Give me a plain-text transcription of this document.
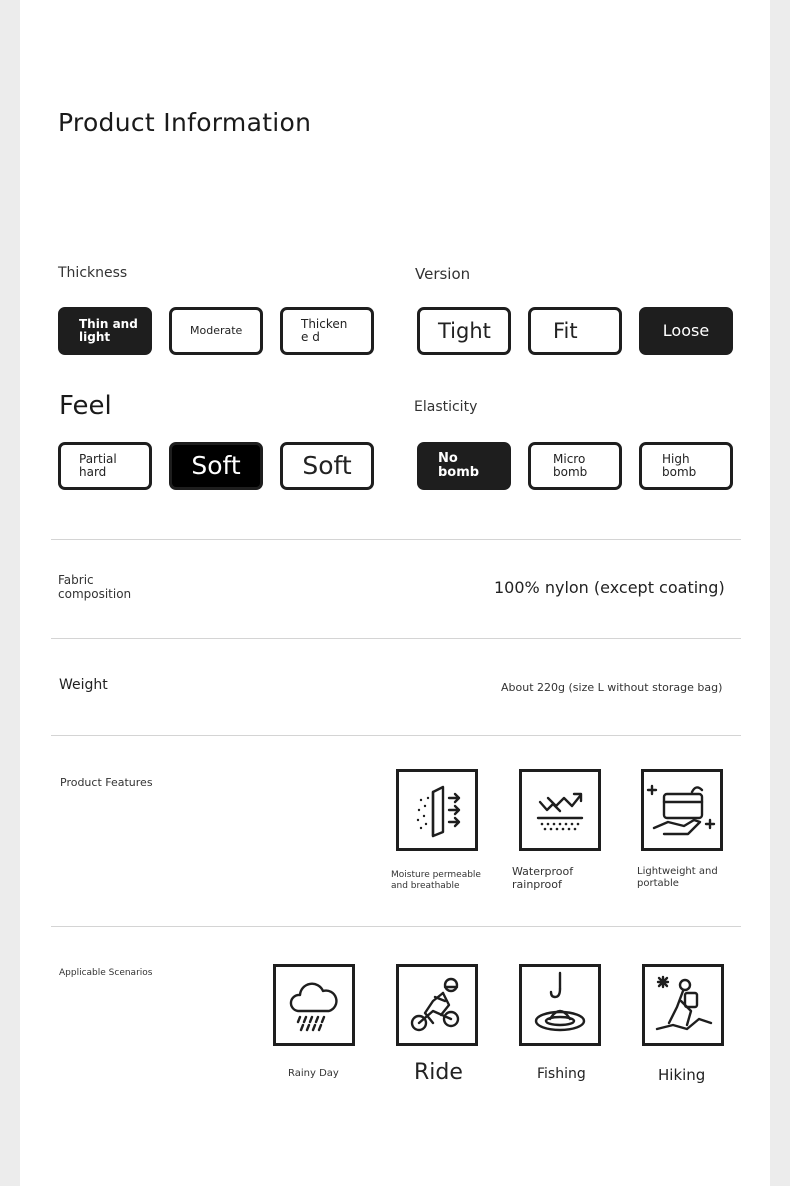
Product Information
Thickness
Thin and light	Moderate	Thickene d
Version
Tight	Fit	Loose
Feel
Partial hard	Soft Soft
Elasticity
No bomb
Micro bomb
High bomb
Fabric composition	100% nylon (except coating)
Weight	About 220g (size L without storage bag)
Product Features
Moisture permeable and breathable
Waterproof rainproof
Lightweight and portable
Applicable Scenarios
Rainy Day	Ride	Fishing	Hiking
